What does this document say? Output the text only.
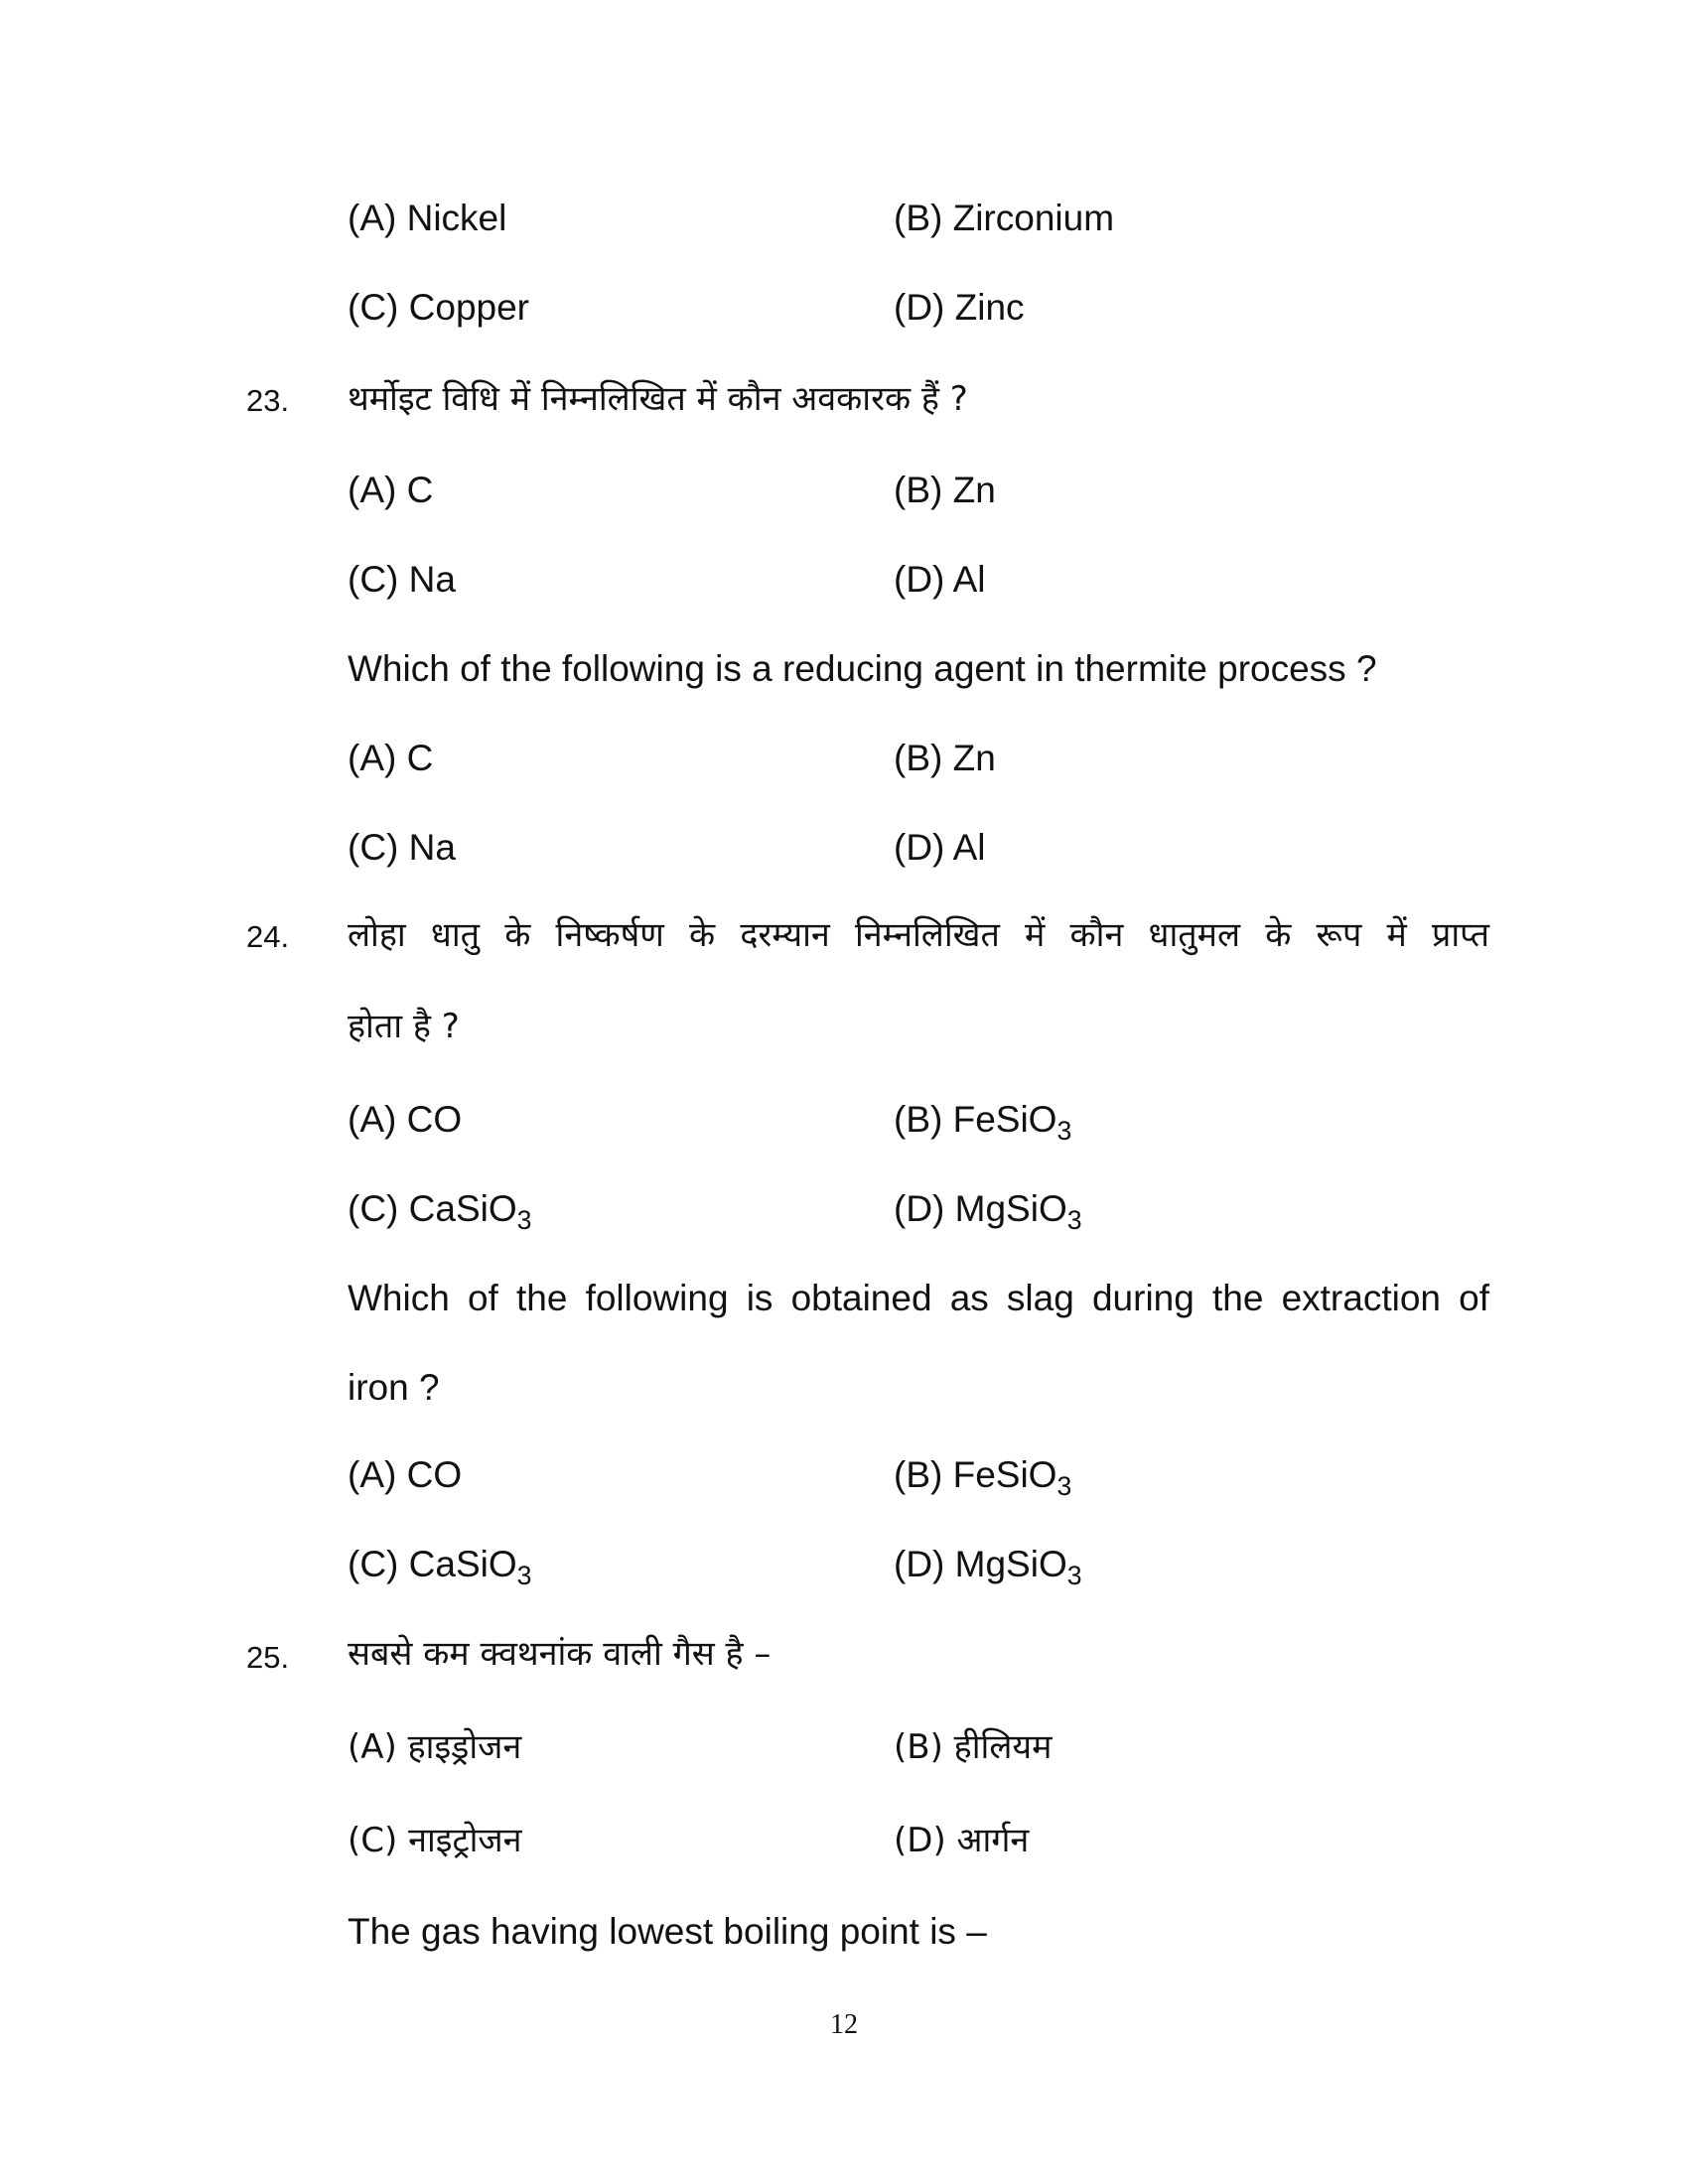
(A) Nickel	(B) Zirconium
(C) Copper	(D) Zinc
23. थर्मोइट विधि में निम्नलिखित में कौन अवकारक हैं ?
(A) C	(B) Zn
(C) Na	(D) Al
Which of the following is a reducing agent in thermite process ?
(A) C	(B) Zn
(C) Na	(D) Al
24. लोहा धातु के निष्कर्षण के दरम्यान निम्नलिखित में कौन धातुमल के रूप में प्राप्त
होता है ?
(A) CO	(B) FeSiO$_3$
(C) CaSiO$_3$	(D) MgSiO$_3$
Which of the following is obtained as slag during the extraction of
iron ?
(A) CO	(B) FeSiO$_3$
(C) CaSiO$_3$	(D) MgSiO$_3$
25. सबसे कम क्वथनांक वाली गैस है –
(A) हाइड्रोजन	(B) हीलियम
(C) नाइट्रोजन	(D) आर्गन
The gas having lowest boiling point is –
12
